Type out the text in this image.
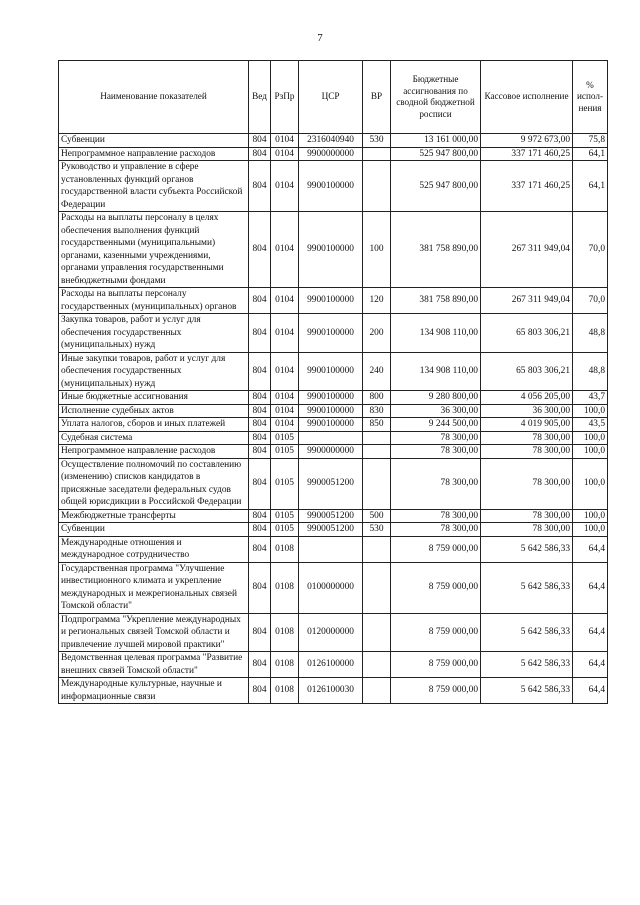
7
Наименование показателей	Вед	РзПр	ЦСР	ВР	Бюджетные ассигнования по сводной бюджетной росписи	Кассовое исполнение	% испол-нения
Субвенции	804	0104	2316040940	530	13 161 000,00	9 972 673,00	75,8
Непрограммное направление расходов	804	0104	9900000000		525 947 800,00	337 171 460,25	64,1
Руководство и управление в сфере установленных функций органов государственной власти субъекта Российской Федерации	804	0104	9900100000		525 947 800,00	337 171 460,25	64,1
Расходы на выплаты персоналу в целях обеспечения выполнения функций государственными (муниципальными) органами, казенными учреждениями, органами управления государственными внебюджетными фондами	804	0104	9900100000	100	381 758 890,00	267 311 949,04	70,0
Расходы на выплаты персоналу государственных (муниципальных) органов	804	0104	9900100000	120	381 758 890,00	267 311 949,04	70,0
Закупка товаров, работ и услуг для обеспечения государственных (муниципальных) нужд	804	0104	9900100000	200	134 908 110,00	65 803 306,21	48,8
Иные закупки товаров, работ и услуг для обеспечения государственных (муниципальных) нужд	804	0104	9900100000	240	134 908 110,00	65 803 306,21	48,8
Иные бюджетные ассигнования	804	0104	9900100000	800	9 280 800,00	4 056 205,00	43,7
Исполнение судебных актов	804	0104	9900100000	830	36 300,00	36 300,00	100,0
Уплата налогов, сборов и иных платежей	804	0104	9900100000	850	9 244 500,00	4 019 905,00	43,5
Судебная система	804	0105			78 300,00	78 300,00	100,0
Непрограммное направление расходов	804	0105	9900000000		78 300,00	78 300,00	100,0
Осуществление полномочий по составлению (изменению) списков кандидатов в присяжные заседатели федеральных судов общей юрисдикции в Российской Федерации	804	0105	9900051200		78 300,00	78 300,00	100,0
Межбюджетные трансферты	804	0105	9900051200	500	78 300,00	78 300,00	100,0
Субвенции	804	0105	9900051200	530	78 300,00	78 300,00	100,0
Международные отношения и международное сотрудничество	804	0108			8 759 000,00	5 642 586,33	64,4
Государственная программа "Улучшение инвестиционного климата и укрепление международных и межрегиональных связей Томской области"	804	0108	0100000000		8 759 000,00	5 642 586,33	64,4
Подпрограмма "Укрепление международных и региональных связей Томской области и привлечение лучшей мировой практики"	804	0108	0120000000		8 759 000,00	5 642 586,33	64,4
Ведомственная целевая программа "Развитие внешних связей Томской области"	804	0108	0126100000		8 759 000,00	5 642 586,33	64,4
Международные культурные, научные и информационные связи	804	0108	0126100030		8 759 000,00	5 642 586,33	64,4
